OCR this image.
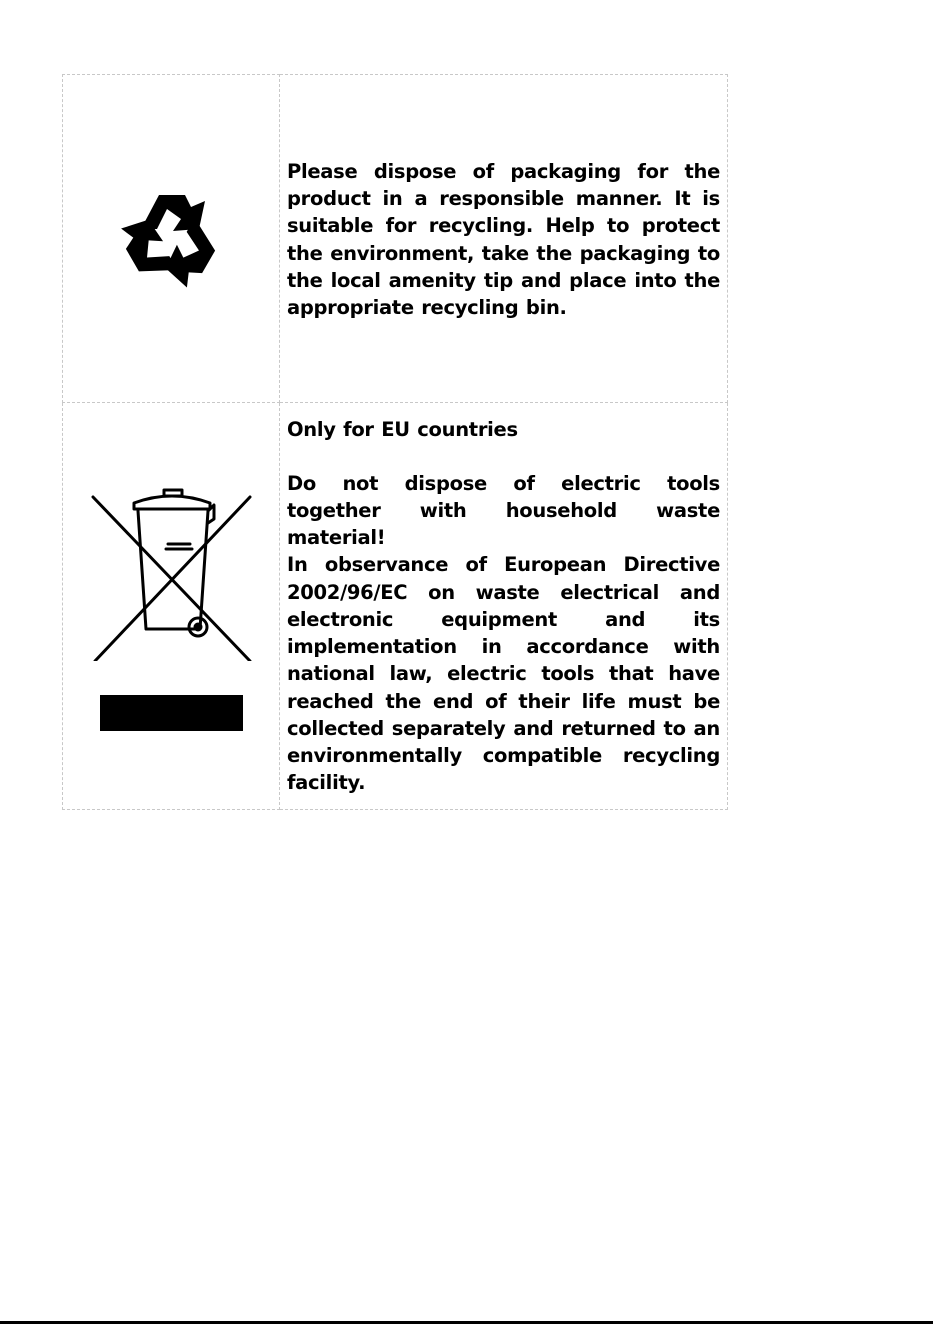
Please dispose of packaging for the product in a responsible manner. It is suitable for recycling. Help to protect the environment, take the packaging to the local amenity tip and place into the appropriate recycling bin.

Only for EU countries

Do not dispose of electric tools together with household waste material!

In observance of European Directive 2002/96/EC on waste electrical and electronic equipment and its implementation in accordance with national law, electric tools that have reached the end of their life must be collected separately and returned to an environmentally compatible recycling facility.
